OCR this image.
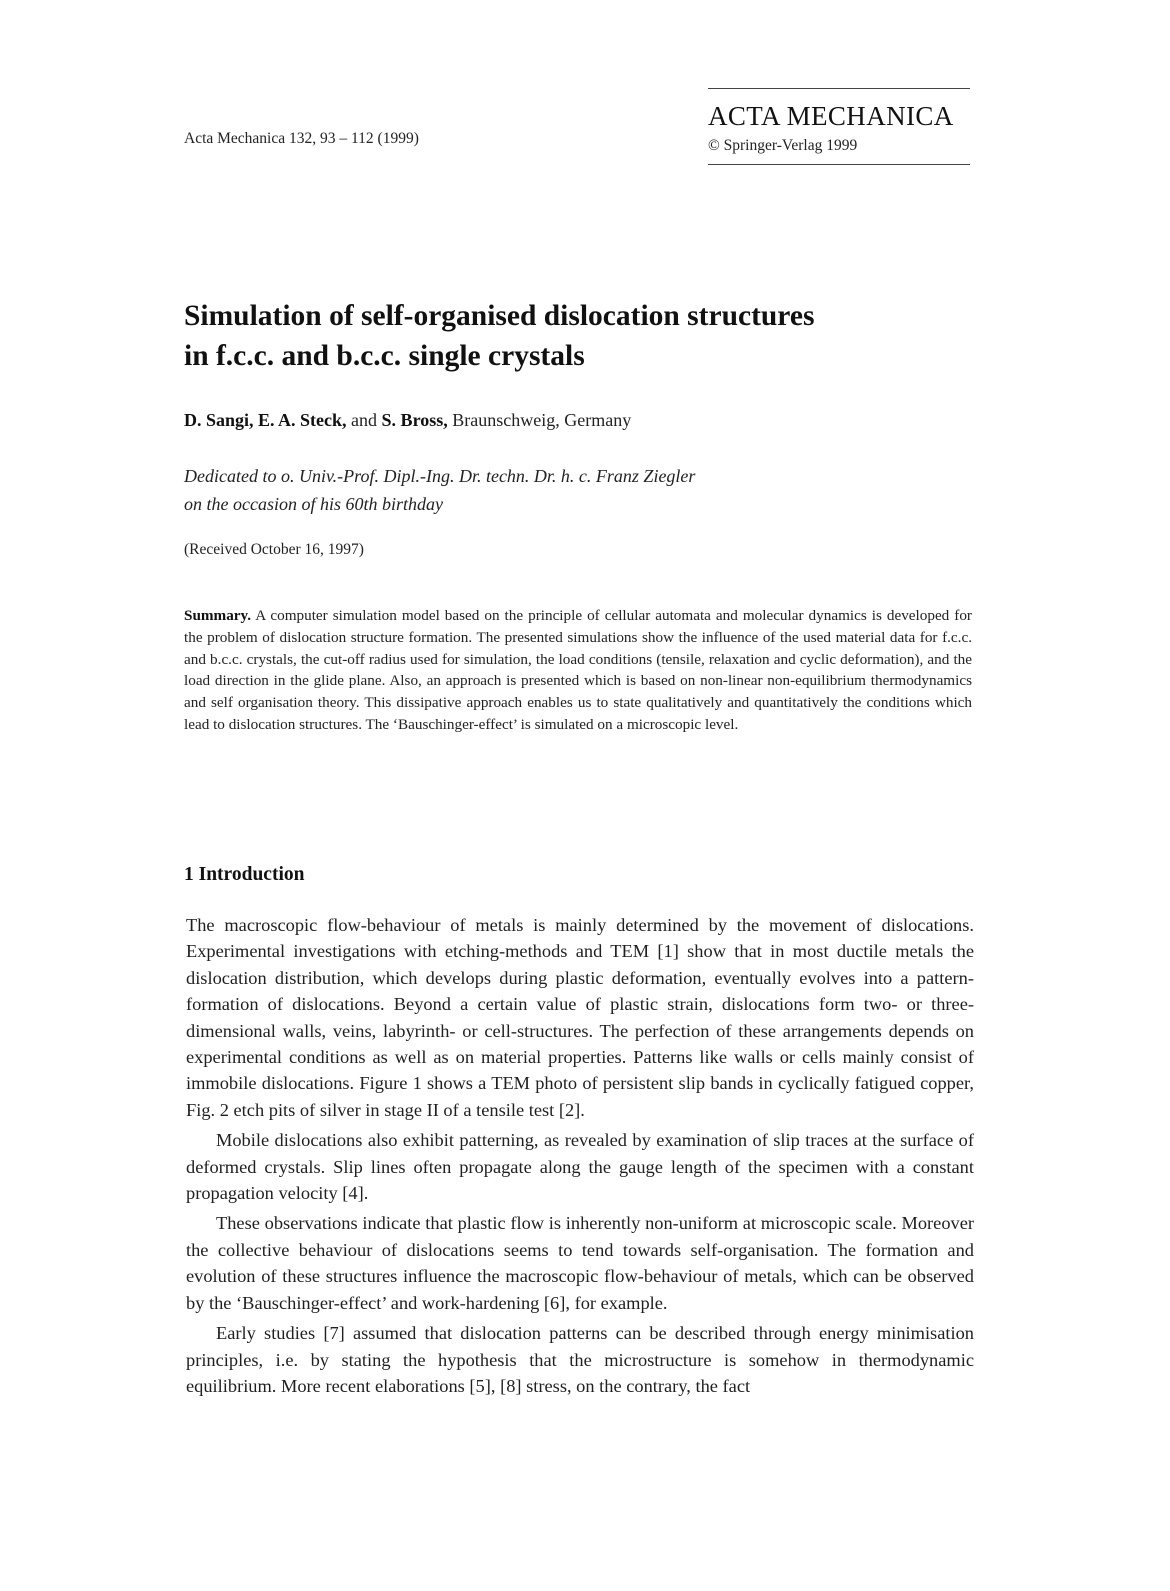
Acta Mechanica 132, 93 – 112 (1999)
ACTA MECHANICA
© Springer-Verlag 1999
Simulation of self-organised dislocation structures
in f.c.c. and b.c.c. single crystals
D. Sangi, E. A. Steck, and S. Bross, Braunschweig, Germany
Dedicated to o. Univ.-Prof. Dipl.-Ing. Dr. techn. Dr. h. c. Franz Ziegler
on the occasion of his 60th birthday
(Received October 16, 1997)

Summary. A computer simulation model based on the principle of cellular automata and molecular dynamics is developed for the problem of dislocation structure formation. The presented simulations show the influence of the used material data for f.c.c. and b.c.c. crystals, the cut-off radius used for simulation, the load conditions (tensile, relaxation and cyclic deformation), and the load direction in the glide plane. Also, an approach is presented which is based on non-linear non-equilibrium thermodynamics and self organisation theory. This dissipative approach enables us to state qualitatively and quantitatively the conditions which lead to dislocation structures. The ‘Bauschinger-effect’ is simulated on a microscopic level.

1 Introduction

The macroscopic flow-behaviour of metals is mainly determined by the movement of dislocations. Experimental investigations with etching-methods and TEM [1] show that in most ductile metals the dislocation distribution, which develops during plastic deformation, eventually evolves into a pattern-formation of dislocations. Beyond a certain value of plastic strain, dislocations form two- or three-dimensional walls, veins, labyrinth- or cell-structures. The perfection of these arrangements depends on experimental conditions as well as on material properties. Patterns like walls or cells mainly consist of immobile dislocations. Figure 1 shows a TEM photo of persistent slip bands in cyclically fatigued copper, Fig. 2 etch pits of silver in stage II of a tensile test [2].

Mobile dislocations also exhibit patterning, as revealed by examination of slip traces at the surface of deformed crystals. Slip lines often propagate along the gauge length of the specimen with a constant propagation velocity [4].

These observations indicate that plastic flow is inherently non-uniform at microscopic scale. Moreover the collective behaviour of dislocations seems to tend towards self-organisation. The formation and evolution of these structures influence the macroscopic flow-behaviour of metals, which can be observed by the ‘Bauschinger-effect’ and work-hardening [6], for example.

Early studies [7] assumed that dislocation patterns can be described through energy minimisation principles, i.e. by stating the hypothesis that the microstructure is somehow in thermodynamic equilibrium. More recent elaborations [5], [8] stress, on the contrary, the fact
